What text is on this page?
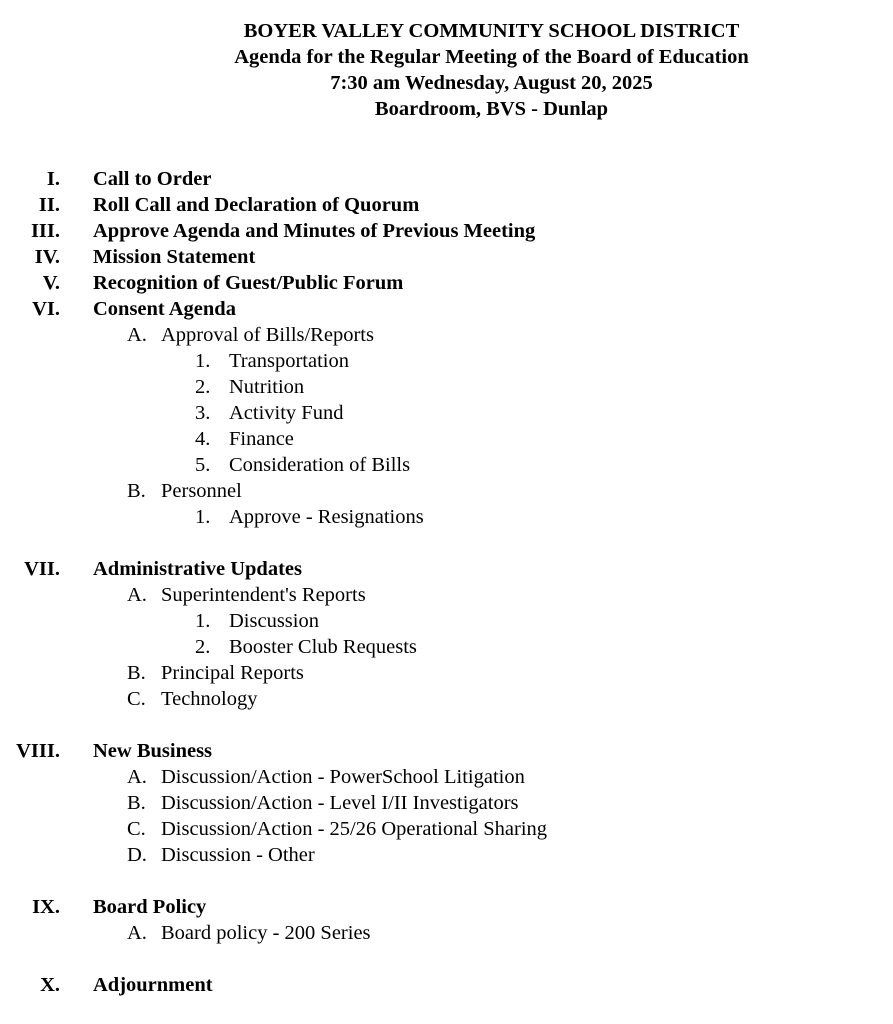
BOYER VALLEY COMMUNITY SCHOOL DISTRICT
Agenda for the Regular Meeting of the Board of Education
7:30 am Wednesday, August 20, 2025
Boardroom, BVS - Dunlap
I. Call to Order
II. Roll Call and Declaration of Quorum
III. Approve Agenda and Minutes of Previous Meeting
IV. Mission Statement
V. Recognition of Guest/Public Forum
VI. Consent Agenda
A. Approval of Bills/Reports
1. Transportation
2. Nutrition
3. Activity Fund
4. Finance
5. Consideration of Bills
B. Personnel
1. Approve - Resignations
VII. Administrative Updates
A. Superintendent's Reports
1. Discussion
2. Booster Club Requests
B. Principal Reports
C. Technology
VIII. New Business
A. Discussion/Action - PowerSchool Litigation
B. Discussion/Action - Level I/II Investigators
C. Discussion/Action - 25/26 Operational Sharing
D. Discussion - Other
IX. Board Policy
A. Board policy - 200 Series
X. Adjournment
